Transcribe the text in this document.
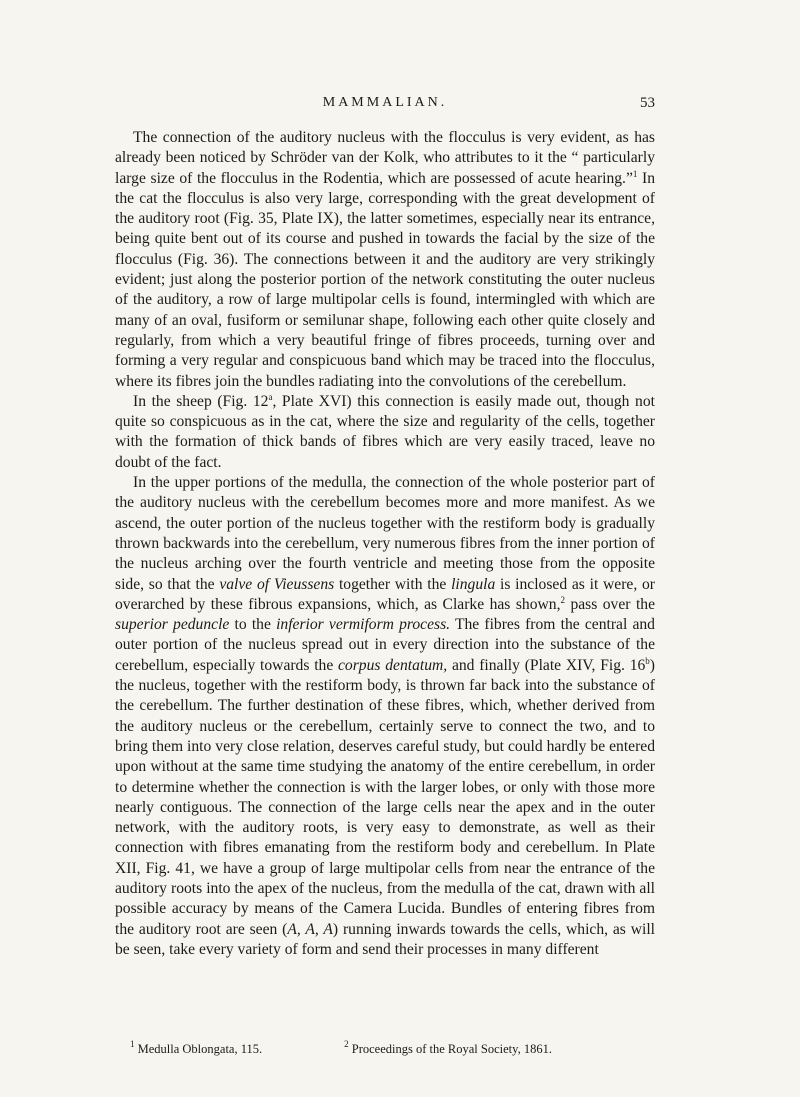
MAMMALIAN.	53

The connection of the auditory nucleus with the flocculus is very evident, as has already been noticed by Schröder van der Kolk, who attributes to it the “ particularly large size of the flocculus in the Rodentia, which are possessed of acute hearing.”$^1$ In the cat the flocculus is also very large, corresponding with the great development of the auditory root (Fig. 35, Plate IX), the latter sometimes, especially near its entrance, being quite bent out of its course and pushed in towards the facial by the size of the flocculus (Fig. 36). The connections between it and the auditory are very strikingly evident; just along the posterior portion of the network constituting the outer nucleus of the auditory, a row of large multipolar cells is found, intermingled with which are many of an oval, fusiform or semilunar shape, following each other quite closely and regularly, from which a very beautiful fringe of fibres proceeds, turning over and forming a very regular and conspicuous band which may be traced into the flocculus, where its fibres join the bundles radiating into the convolutions of the cerebellum.

In the sheep (Fig. 12$^a$, Plate XVI) this connection is easily made out, though not quite so conspicuous as in the cat, where the size and regularity of the cells, together with the formation of thick bands of fibres which are very easily traced, leave no doubt of the fact.

In the upper portions of the medulla, the connection of the whole posterior part of the auditory nucleus with the cerebellum becomes more and more manifest. As we ascend, the outer portion of the nucleus together with the restiform body is gradually thrown backwards into the cerebellum, very numerous fibres from the inner portion of the nucleus arching over the fourth ventricle and meeting those from the opposite side, so that the valve of Vieussens together with the lingula is inclosed as it were, or overarched by these fibrous expansions, which, as Clarke has shown,$^2$ pass over the superior peduncle to the inferior vermiform process. The fibres from the central and outer portion of the nucleus spread out in every direction into the substance of the cerebellum, especially towards the corpus dentatum, and finally (Plate XIV, Fig. 16$^b$) the nucleus, together with the restiform body, is thrown far back into the substance of the cerebellum. The further destination of these fibres, which, whether derived from the auditory nucleus or the cerebellum, certainly serve to connect the two, and to bring them into very close relation, deserves careful study, but could hardly be entered upon without at the same time studying the anatomy of the entire cerebellum, in order to determine whether the connection is with the larger lobes, or only with those more nearly contiguous. The connection of the large cells near the apex and in the outer network, with the auditory roots, is very easy to demonstrate, as well as their connection with fibres emanating from the restiform body and cerebellum. In Plate XII, Fig. 41, we have a group of large multipolar cells from near the entrance of the auditory roots into the apex of the nucleus, from the medulla of the cat, drawn with all possible accuracy by means of the Camera Lucida. Bundles of entering fibres from the auditory root are seen (A, A, A) running inwards towards the cells, which, as will be seen, take every variety of form and send their processes in many different

$^1$ Medulla Oblongata, 115.	$^2$ Proceedings of the Royal Society, 1861.
